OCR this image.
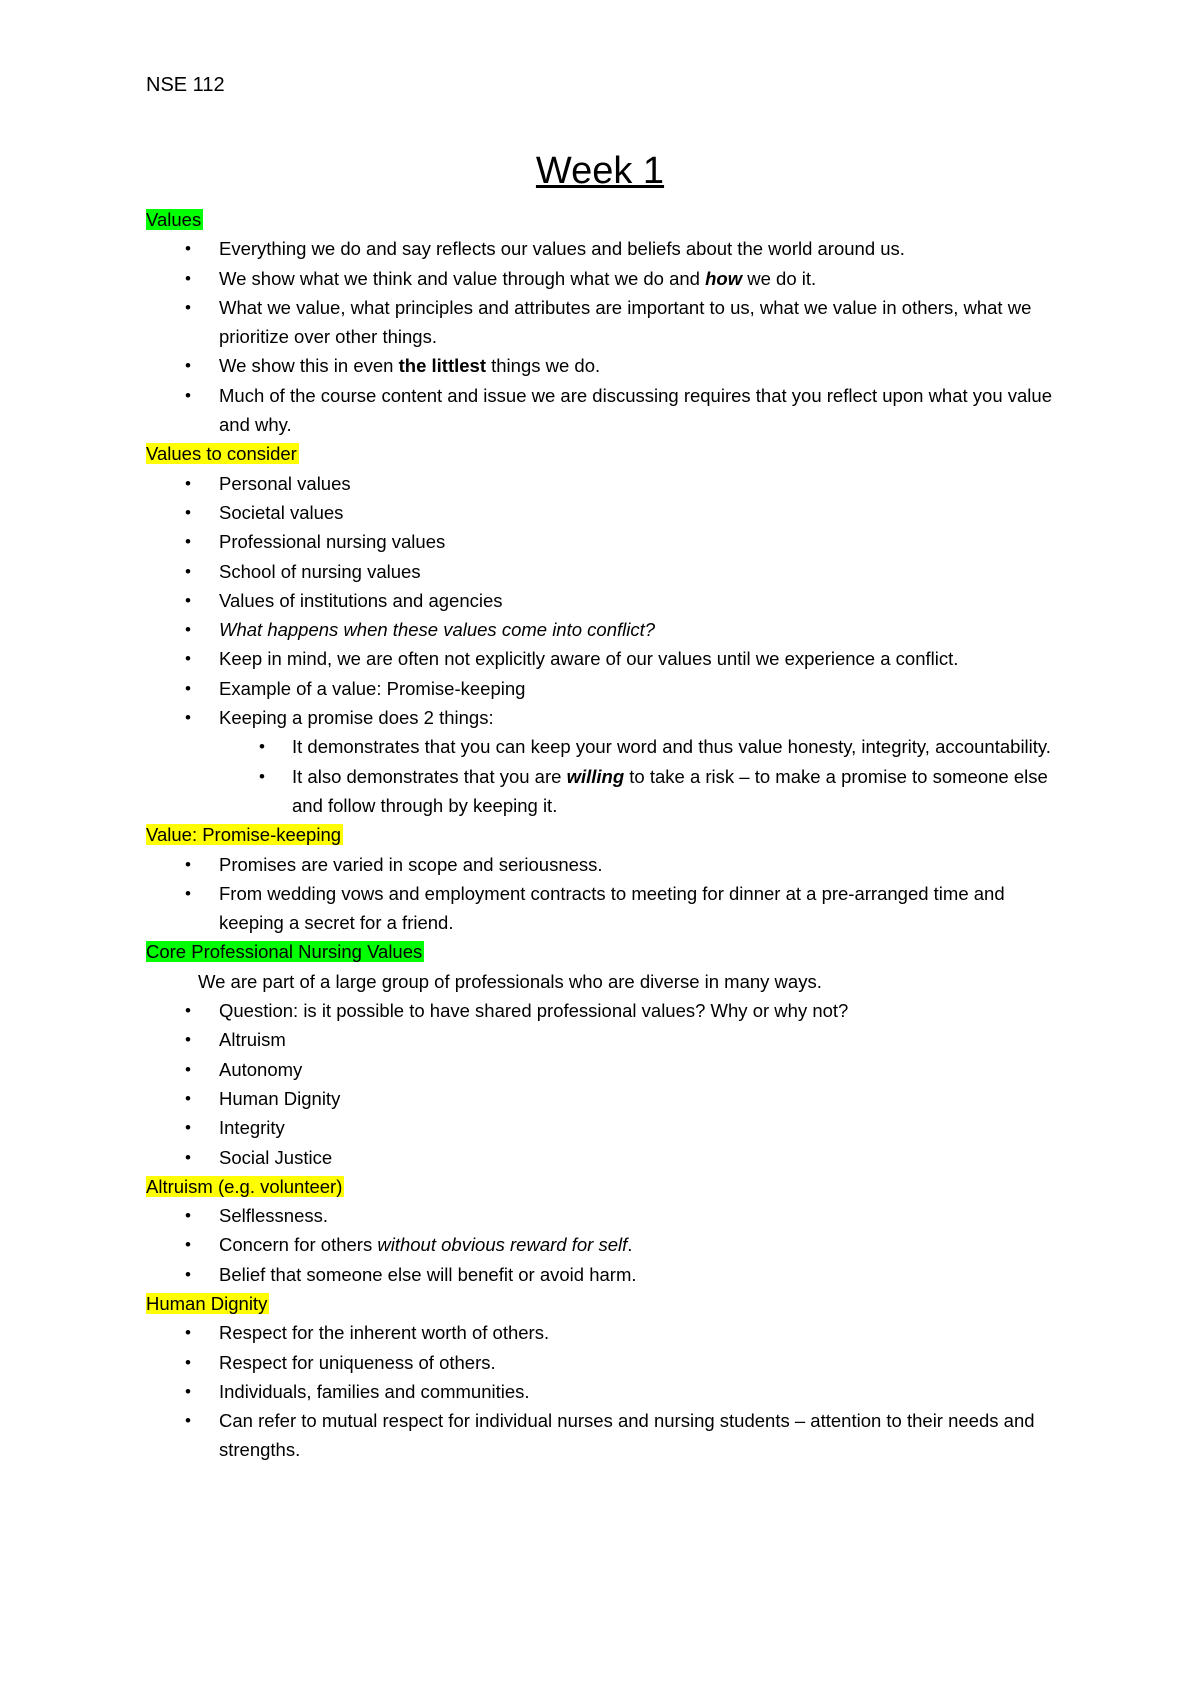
NSE 112
Week 1
Values
• Everything we do and say reflects our values and beliefs about the world around us.
• We show what we think and value through what we do and how we do it.
• What we value, what principles and attributes are important to us, what we value in others, what we prioritize over other things.
• We show this in even the littlest things we do.
• Much of the course content and issue we are discussing requires that you reflect upon what you value and why.
Values to consider
• Personal values
• Societal values
• Professional nursing values
• School of nursing values
• Values of institutions and agencies
• What happens when these values come into conflict?
• Keep in mind, we are often not explicitly aware of our values until we experience a conflict.
• Example of a value: Promise-keeping
• Keeping a promise does 2 things:
• It demonstrates that you can keep your word and thus value honesty, integrity, accountability.
• It also demonstrates that you are willing to take a risk – to make a promise to someone else and follow through by keeping it.
Value: Promise-keeping
• Promises are varied in scope and seriousness.
• From wedding vows and employment contracts to meeting for dinner at a pre-arranged time and keeping a secret for a friend.
Core Professional Nursing Values
We are part of a large group of professionals who are diverse in many ways.
• Question: is it possible to have shared professional values? Why or why not?
• Altruism
• Autonomy
• Human Dignity
• Integrity
• Social Justice
Altruism (e.g. volunteer)
• Selflessness.
• Concern for others without obvious reward for self.
• Belief that someone else will benefit or avoid harm.
Human Dignity
• Respect for the inherent worth of others.
• Respect for uniqueness of others.
• Individuals, families and communities.
• Can refer to mutual respect for individual nurses and nursing students – attention to their needs and strengths.
